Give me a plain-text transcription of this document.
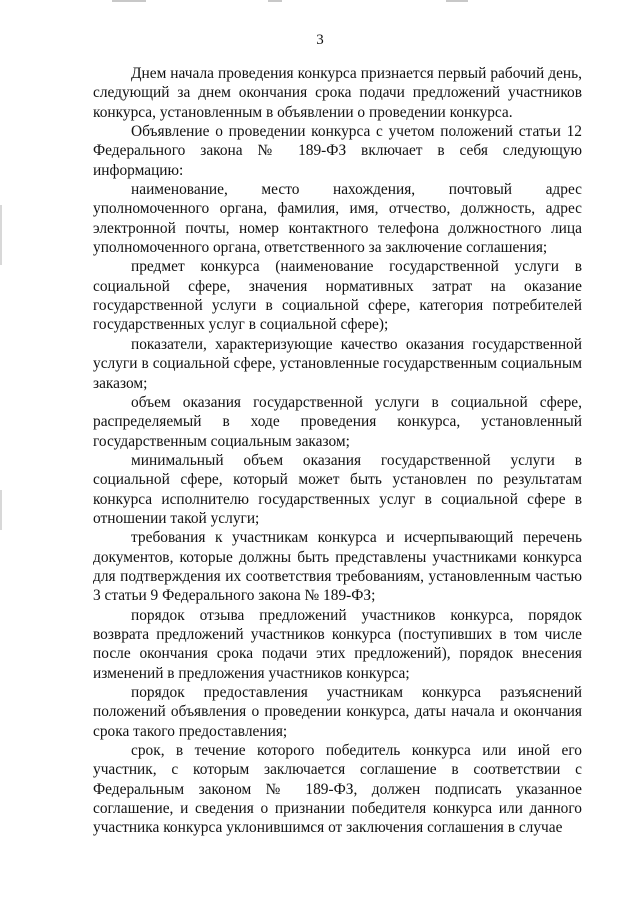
3

Днем начала проведения конкурса признается первый рабочий день, следующий за днем окончания срока подачи предложений участников конкурса, установленным в объявлении о проведении конкурса.

Объявление о проведении конкурса с учетом положений статьи 12 Федерального закона № 189-ФЗ включает в себя следующую информацию:

наименование, место нахождения, почтовый адрес уполномоченного органа, фамилия, имя, отчество, должность, адрес электронной почты, номер контактного телефона должностного лица уполномоченного органа, ответственного за заключение соглашения;

предмет конкурса (наименование государственной услуги в социальной сфере, значения нормативных затрат на оказание государственной услуги в социальной сфере, категория потребителей государственных услуг в социальной сфере);

показатели, характеризующие качество оказания государственной услуги в социальной сфере, установленные государственным социальным заказом;

объем оказания государственной услуги в социальной сфере, распределяемый в ходе проведения конкурса, установленный государственным социальным заказом;

минимальный объем оказания государственной услуги в социальной сфере, который может быть установлен по результатам конкурса исполнителю государственных услуг в социальной сфере в отношении такой услуги;

требования к участникам конкурса и исчерпывающий перечень документов, которые должны быть представлены участниками конкурса для подтверждения их соответствия требованиям, установленным частью 3 статьи 9 Федерального закона № 189-ФЗ;

порядок отзыва предложений участников конкурса, порядок возврата предложений участников конкурса (поступивших в том числе после окончания срока подачи этих предложений), порядок внесения изменений в предложения участников конкурса;

порядок предоставления участникам конкурса разъяснений положений объявления о проведении конкурса, даты начала и окончания срока такого предоставления;

срок, в течение которого победитель конкурса или иной его участник, с которым заключается соглашение в соответствии с Федеральным законом № 189-ФЗ, должен подписать указанное соглашение, и сведения о признании победителя конкурса или данного участника конкурса уклонившимся от заключения соглашения в случае
